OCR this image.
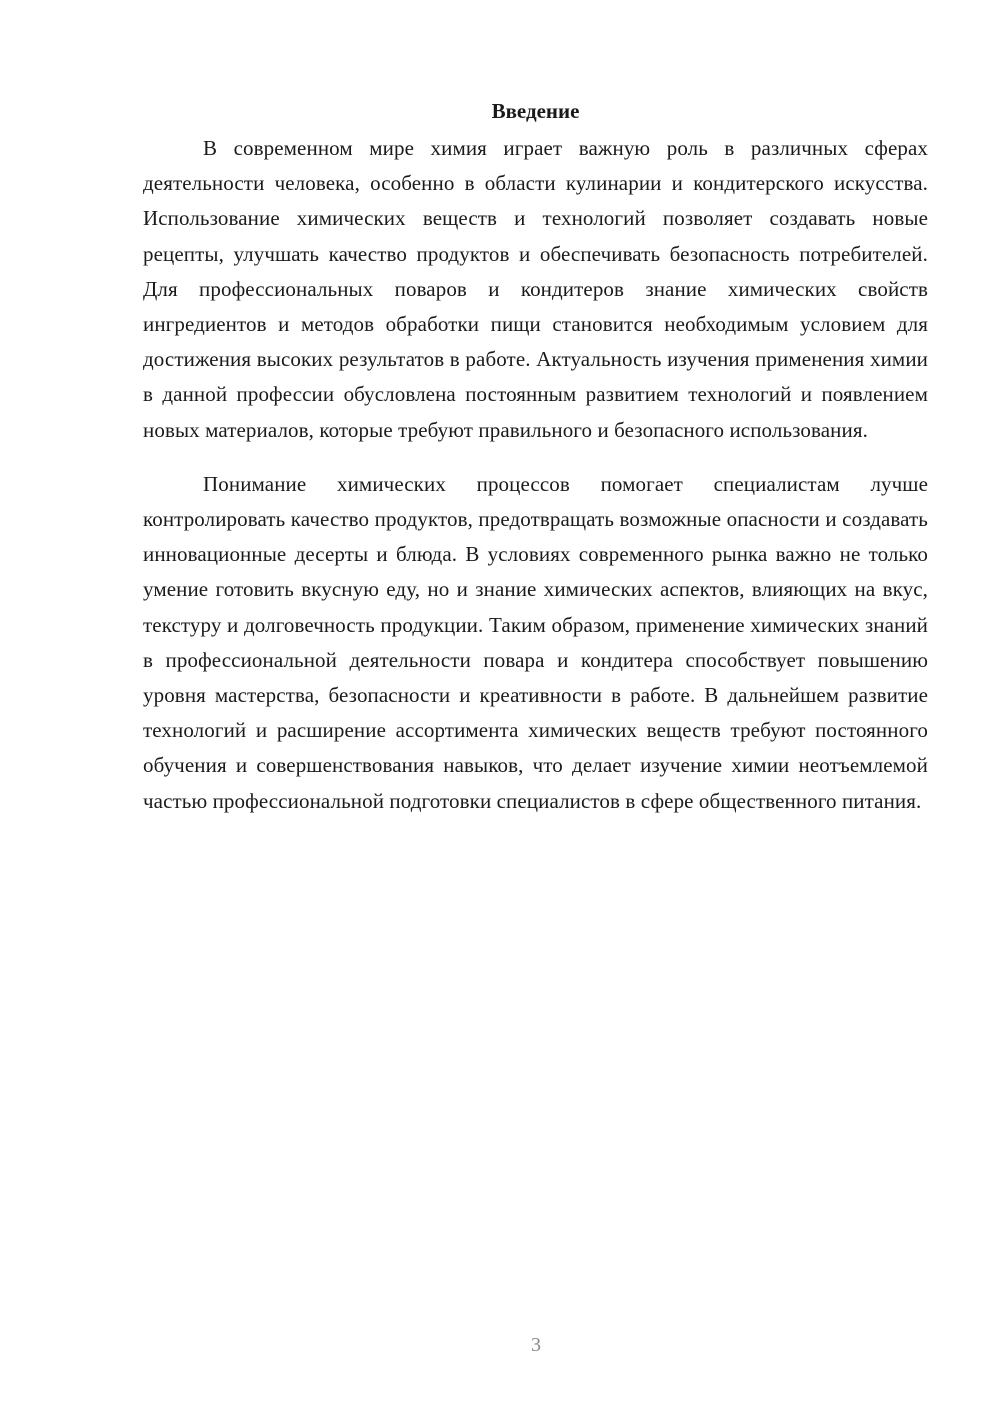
Введение

В современном мире химия играет важную роль в различных сферах деятельности человека, особенно в области кулинарии и кондитерского искусства. Использование химических веществ и технологий позволяет создавать новые рецепты, улучшать качество продуктов и обеспечивать безопасность потребителей. Для профессиональных поваров и кондитеров знание химических свойств ингредиентов и методов обработки пищи становится необходимым условием для достижения высоких результатов в работе. Актуальность изучения применения химии в данной профессии обусловлена постоянным развитием технологий и появлением новых материалов, которые требуют правильного и безопасного использования.

Понимание химических процессов помогает специалистам лучше контролировать качество продуктов, предотвращать возможные опасности и создавать инновационные десерты и блюда. В условиях современного рынка важно не только умение готовить вкусную еду, но и знание химических аспектов, влияющих на вкус, текстуру и долговечность продукции. Таким образом, применение химических знаний в профессиональной деятельности повара и кондитера способствует повышению уровня мастерства, безопасности и креативности в работе. В дальнейшем развитие технологий и расширение ассортимента химических веществ требуют постоянного обучения и совершенствования навыков, что делает изучение химии неотъемлемой частью профессиональной подготовки специалистов в сфере общественного питания.

3
